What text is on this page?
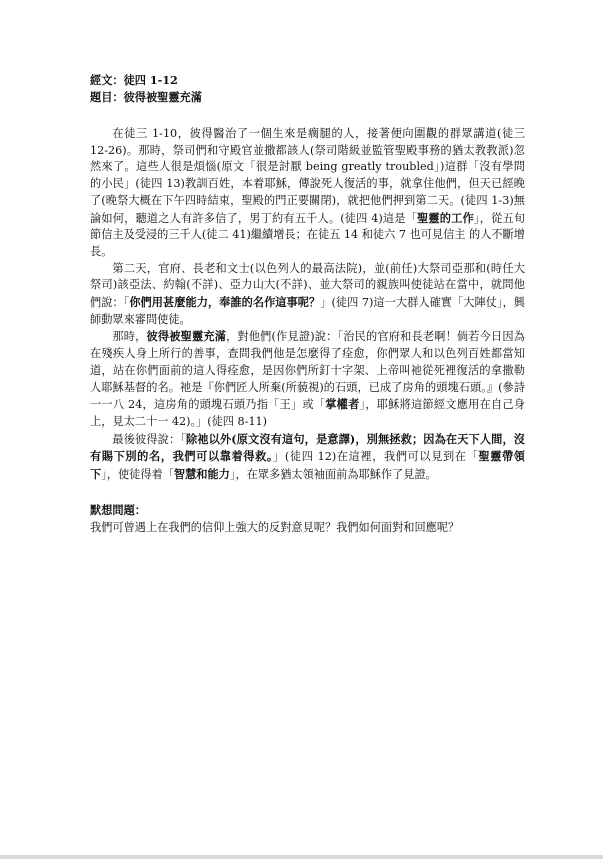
經文：徒四 1-12
題目：彼得被聖靈充滿

在徒三 1-10，彼得醫治了一個生來是瘸腿的人，接著便向圍觀的群眾講道(徒三 12-26)。那時，祭司們和守殿官並撒都該人(祭司階級並監管聖殿事務的猶太教教派)忽然來了。這些人很是煩惱(原文「很是討厭 being greatly troubled」)這群「沒有學問的小民」(徒四 13)教訓百姓，本着耶穌，傳說死人復活的事，就拿住他們，但天已經晚了(晚祭大概在下午四時結束，聖殿的門正要關閉)，就把他們押到第二天。(徒四 1-3)無論如何，聽道之人有許多信了，男丁約有五千人。(徒四 4)這是「聖靈的工作」，從五旬節信主及受浸的三千人(徒二 41)繼續增長；在徒五 14 和徒六 7 也可見信主 的人不斷增長。

第二天，官府、長老和文士(以色列人的最高法院)，並(前任)大祭司亞那和(時任大祭司)該亞法、約翰(不詳)、亞力山大(不詳)、並大祭司的親族叫使徒站在當中，就問他們說：「你們用甚麼能力，奉誰的名作這事呢？」(徒四 7)這一大群人確實「大陣仗」，興師動眾來審問使徒。

那時，彼得被聖靈充滿，對他們(作見證)說：「治民的官府和長老啊！倘若今日因為在殘疾人身上所行的善事，查問我們他是怎麼得了痊愈，你們眾人和以色列百姓都當知道，站在你們面前的這人得痊愈，是因你們所釘十字架、上帝叫祂從死裡復活的拿撒勒人耶穌基督的名。祂是『你們匠人所棄(所藐視)的石頭，已成了房角的頭塊石頭。』(參詩一一八 24，這房角的頭塊石頭乃指「王」或「掌權者」，耶穌將這節經文應用在自己身上，見太二十一 42)。」(徒四 8-11)

最後彼得說：「除祂以外(原文沒有這句，是意譯)，別無拯救；因為在天下人間，沒有賜下別的名，我們可以靠着得救。」(徒四 12)在這裡，我們可以見到在「聖靈帶領下」，使徒得着「智慧和能力」，在眾多猶太領袖面前為耶穌作了見證。

默想問題：
我們可曾遇上在我們的信仰上強大的反對意見呢？我們如何面對和回應呢？
